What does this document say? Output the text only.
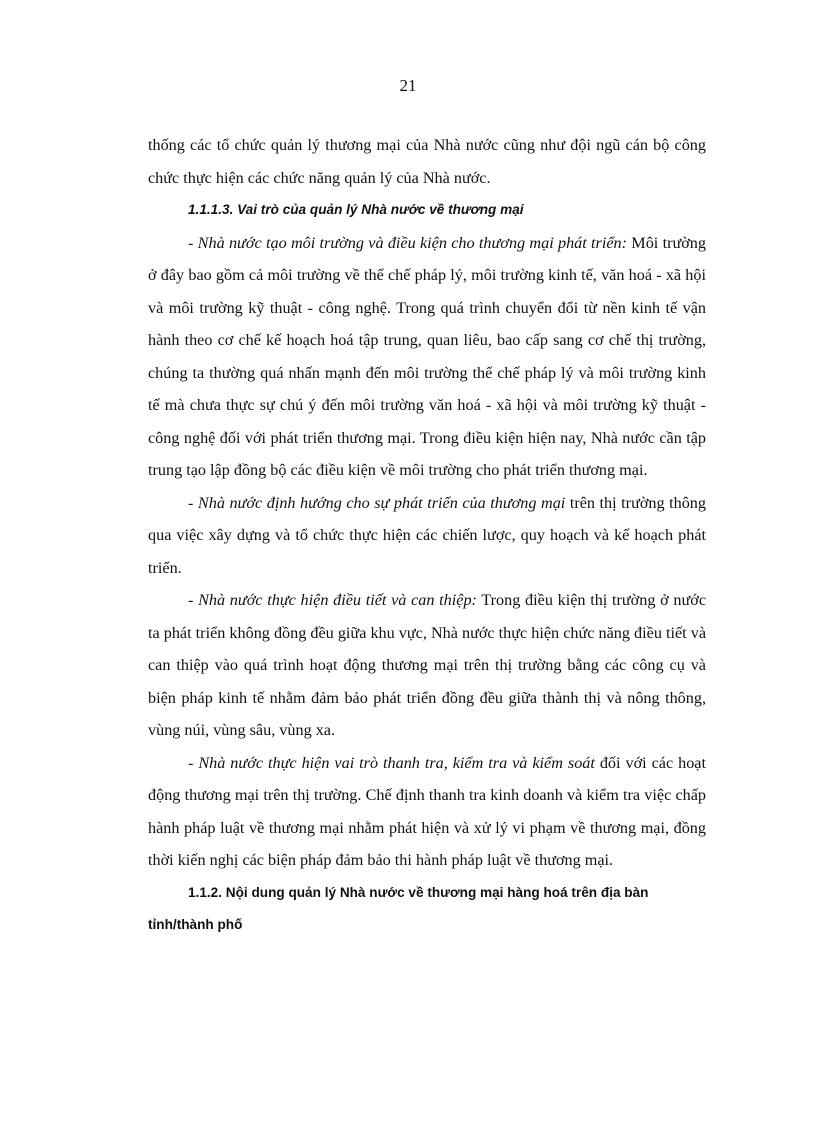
21

thống các tổ chức quản lý thương mại của Nhà nước cũng như đội ngũ cán bộ công chức thực hiện các chức năng quản lý của Nhà nước.

1.1.1.3. Vai trò của quản lý Nhà nước về thương mại

- Nhà nước tạo môi trường và điều kiện cho thương mại phát triển: Môi trường ở đây bao gồm cả môi trường về thể chế pháp lý, môi trường kinh tế, văn hoá - xã hội và môi trường kỹ thuật - công nghệ. Trong quá trình chuyển đổi từ nền kinh tế vận hành theo cơ chế kế hoạch hoá tập trung, quan liêu, bao cấp sang cơ chế thị trường, chúng ta thường quá nhấn mạnh đến môi trường thể chế pháp lý và môi trường kinh tế mà chưa thực sự chú ý đến môi trường văn hoá - xã hội và môi trường kỹ thuật - công nghệ đối với phát triển thương mại. Trong điều kiện hiện nay, Nhà nước cần tập trung tạo lập đồng bộ các điều kiện về môi trường cho phát triển thương mại.

- Nhà nước định hướng cho sự phát triển của thương mại trên thị trường thông qua việc xây dựng và tổ chức thực hiện các chiến lược, quy hoạch và kế hoạch phát triển.

- Nhà nước thực hiện điều tiết và can thiệp: Trong điều kiện thị trường ở nước ta phát triển không đồng đều giữa khu vực, Nhà nước thực hiện chức năng điều tiết và can thiệp vào quá trình hoạt động thương mại trên thị trường bằng các công cụ và biện pháp kinh tế nhằm đảm bảo phát triển đồng đều giữa thành thị và nông thông, vùng núi, vùng sâu, vùng xa.

- Nhà nước thực hiện vai trò thanh tra, kiểm tra và kiểm soát đối với các hoạt động thương mại trên thị trường. Chế định thanh tra kinh doanh và kiểm tra việc chấp hành pháp luật về thương mại nhằm phát hiện và xử lý vi phạm về thương mại, đồng thời kiến nghị các biện pháp đảm bảo thi hành pháp luật về thương mại.

1.1.2. Nội dung quản lý Nhà nước về thương mại hàng hoá trên địa bàn tỉnh/thành phố
